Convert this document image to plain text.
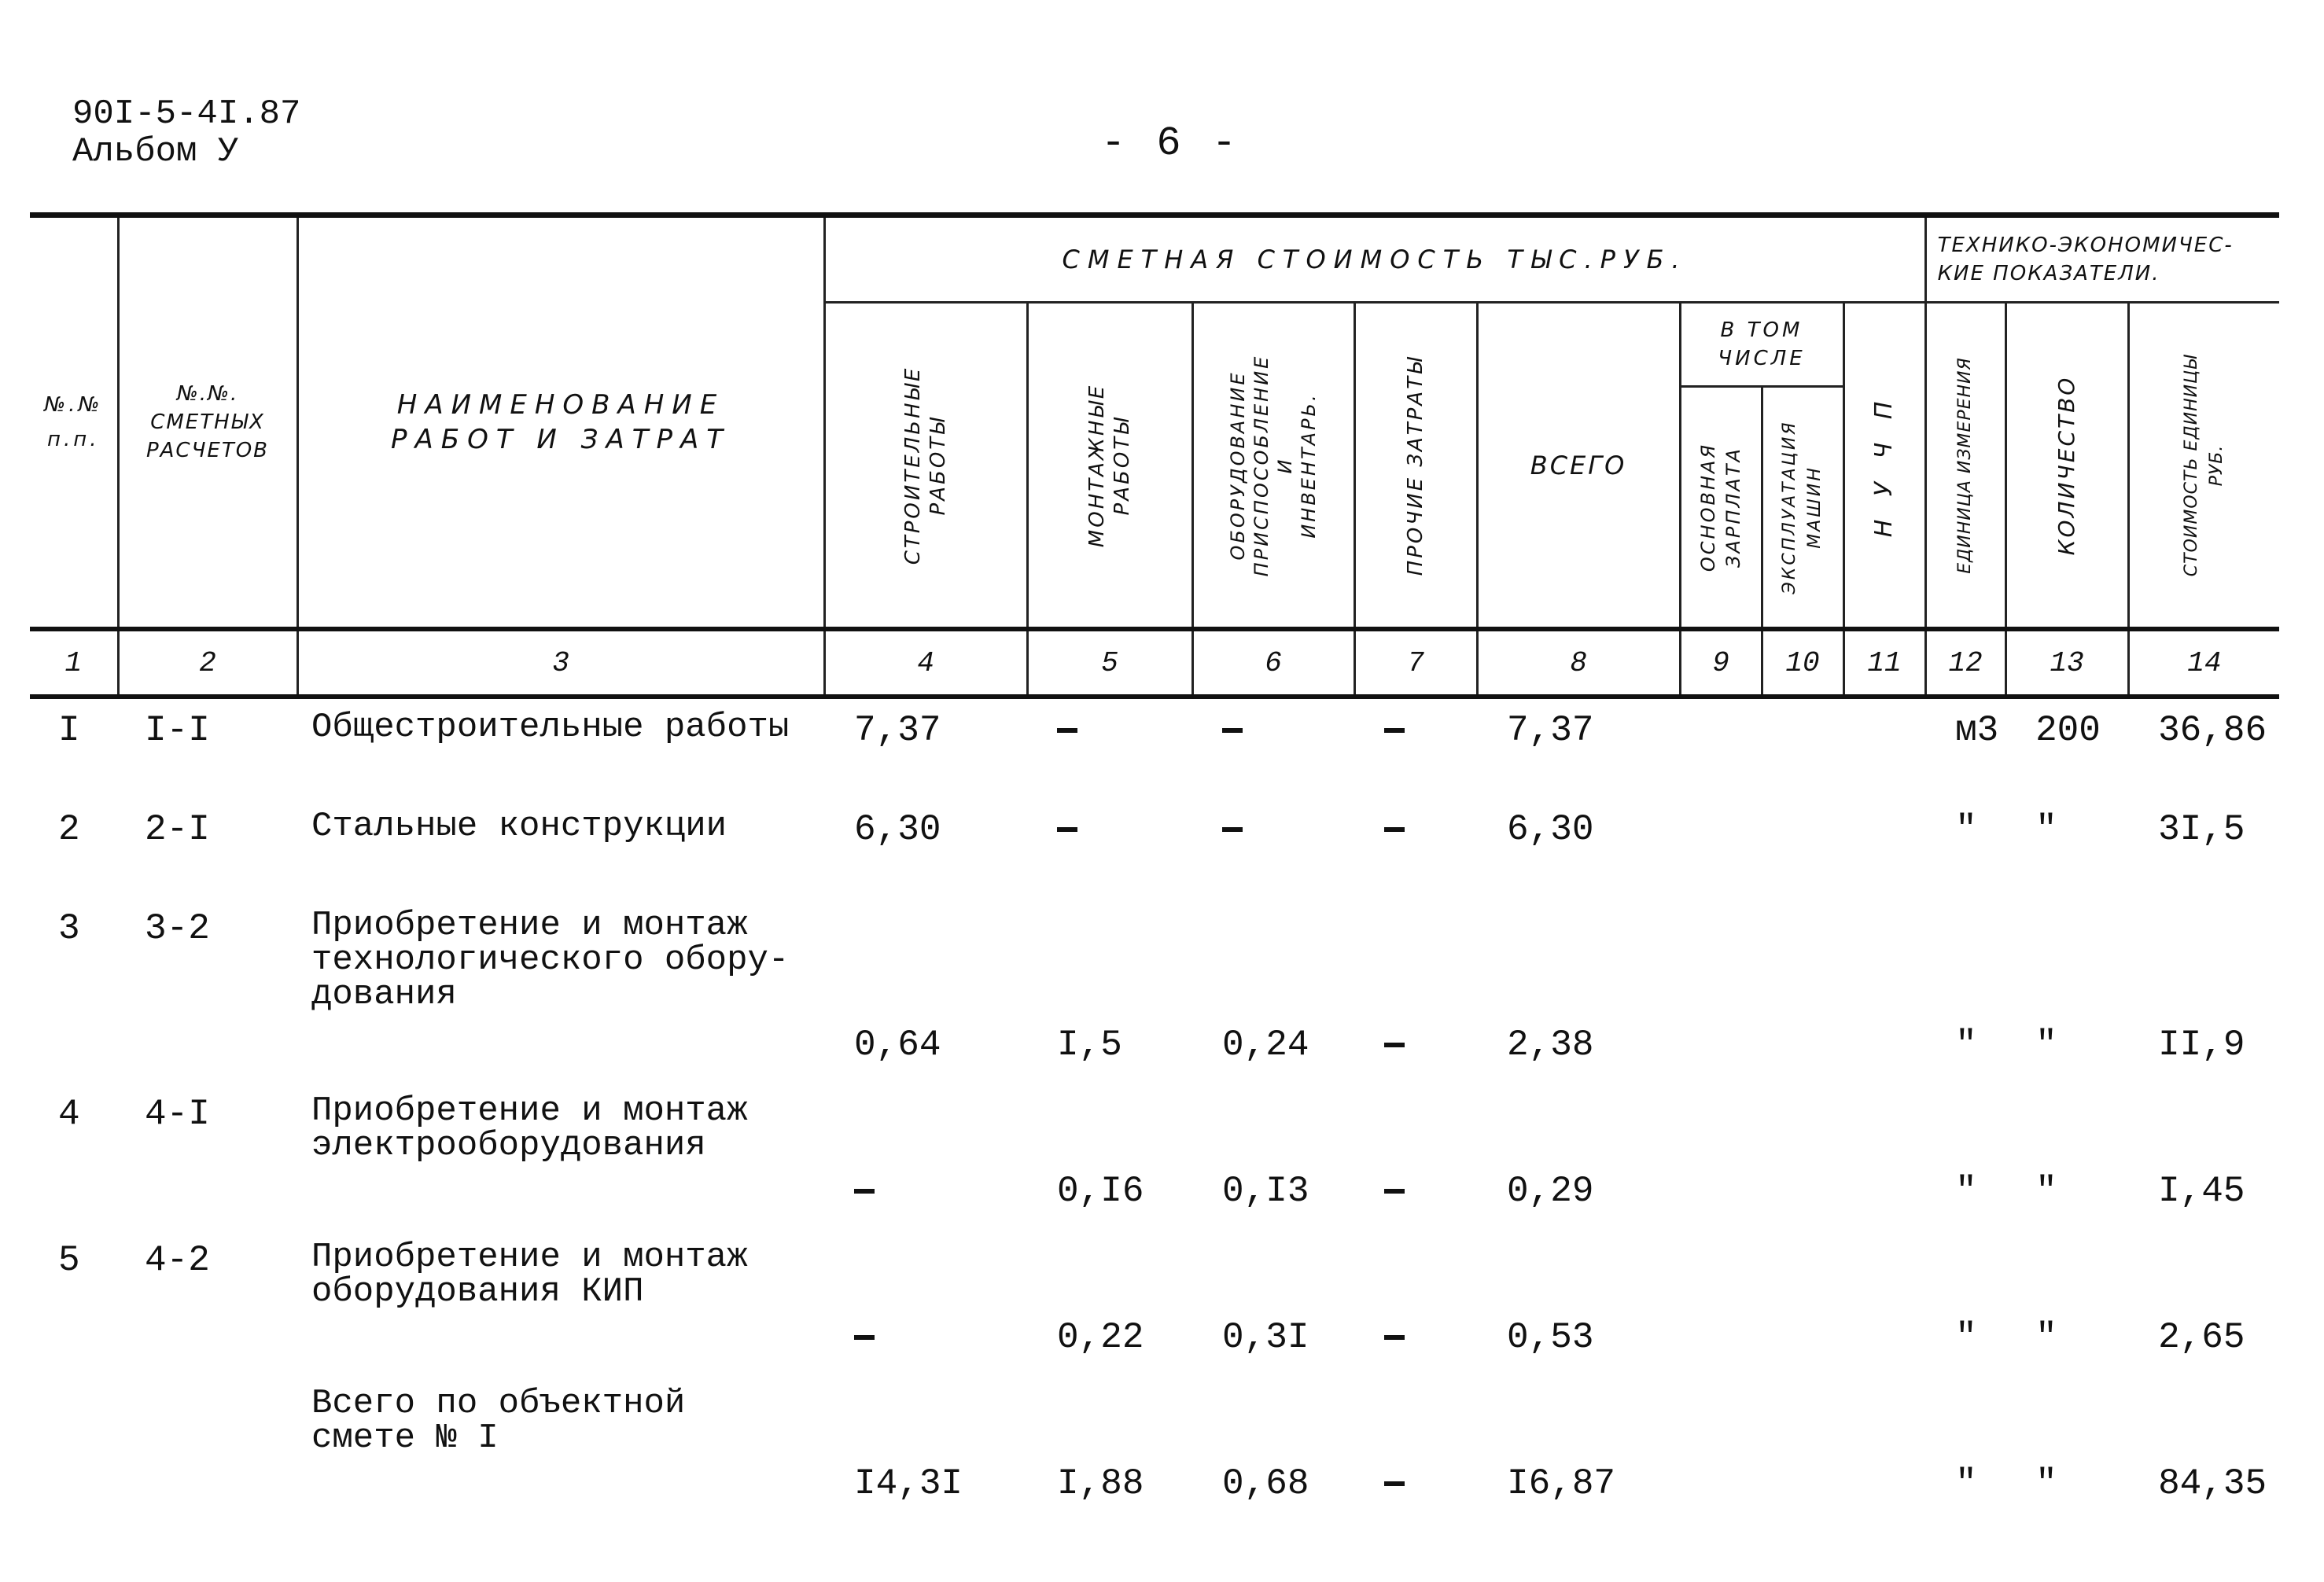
90I-5-4I.87
Альбом У	- 6 -
№.№
п.п.	№.№.
СМЕТНЫХ
РАСЧЕТОВ	НАИМЕНОВАНИЕ
РАБОТ И ЗАТРАТ	СМЕТНАЯ СТОИМОСТЬ ТЫС.РУБ.								ТЕХНИКО-ЭКОНОМИЧЕС-
КИЕ ПОКАЗАТЕЛИ.		

			СТРОИТЕЛЬНЫЕ
РАБОТЫ	МОНТАЖНЫЕ
РАБОТЫ	ОБОРУДОВАНИЕ
ПРИСПОСОБЛЕНИЕ
И
ИНВЕНТАРЬ.	ПРОЧИЕ ЗАТРАТЫ	ВСЕГО	В ТОМ
ЧИСЛЕ		Н У Ч П	ЕДИНИЦА ИЗМЕРЕНИЯ	КОЛИЧЕСТВО	СТОИМОСТЬ ЕДИНИЦЫ
РУБ.

								ОСНОВНАЯ
ЗАРПЛАТА	ЭКСПЛУАТАЦИЯ
МАШИН				

1	2	3	4	5	6	7	8	9	10	11	12	13	14
I	I-I	Общестроительные работы	7,37				7,37				м3	200	36,86
2	2-I	Стальные конструкции	6,30				6,30				"	"	3I,5
3	3-2	Приобретение и монтаж
технологического обору-
дования	0,64	I,5	0,24		2,38				"	"	II,9
4	4-I	Приобретение и монтаж
электрооборудования		0,I6	0,I3		0,29				"	"	I,45
5	4-2	Приобретение и монтаж
оборудования КИП		0,22	0,3I		0,53				"	"	2,65
		Всего по объектной
смете № I	I4,3I	I,88	0,68		I6,87				"	"	84,35
